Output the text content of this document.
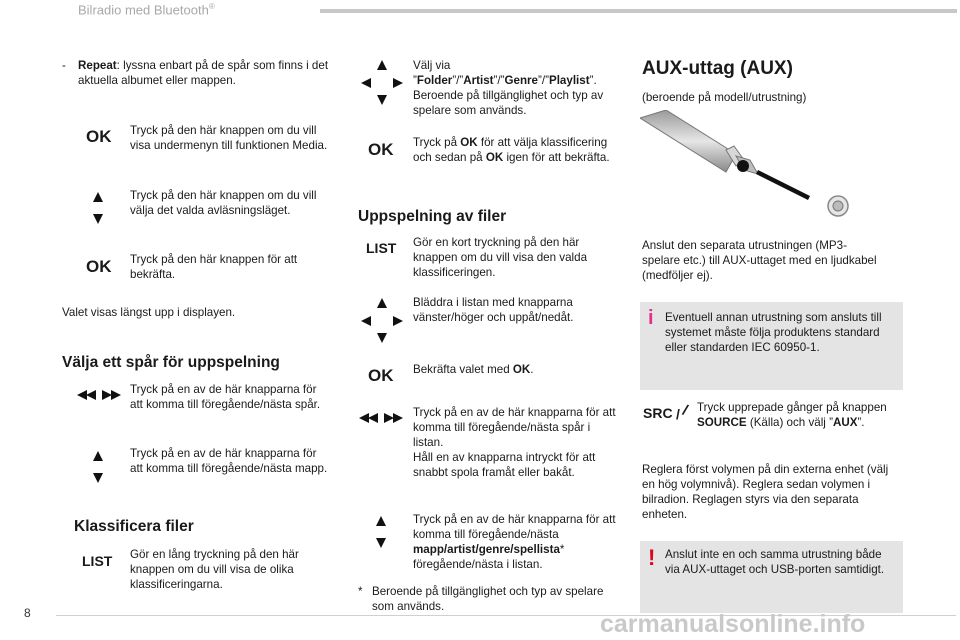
Bilradio med Bluetooth®
-	Repeat: lyssna enbart på de spår som finns i det aktuella albumet eller mappen.
OK Tryck på den här knappen om du vill visa undermenyn till funktionen Media.
Tryck på den här knappen om du vill välja det valda avläsningsläget.
OK Tryck på den här knappen för att bekräfta.
Valet visas längst upp i displayen.
Välja ett spår för uppspelning
Tryck på en av de här knapparna för att komma till föregående/nästa spår.
Tryck på en av de här knapparna för att komma till föregående/nästa mapp.
Klassificera filer
LIST Gör en lång tryckning på den här knappen om du vill visa de olika klassificeringarna.
Välj via ”Folder”/”Artist”/”Genre”/”Playlist”.
Beroende på tillgänglighet och typ av spelare som används.
OK Tryck på OK för att välja klassificering och sedan på OK igen för att bekräfta.
Uppspelning av filer
LIST Gör en kort tryckning på den här knappen om du vill visa den valda klassificeringen.
Bläddra i listan med knapparna vänster/höger och uppåt/nedåt.
OK Bekräfta valet med OK.
Tryck på en av de här knapparna för att komma till föregående/nästa spår i listan.
Håll en av knapparna intryckt för att snabbt spola framåt eller bakåt.
Tryck på en av de här knapparna för att komma till föregående/nästa mapp/artist/genre/spellista* föregående/nästa i listan.
* Beroende på tillgänglighet och typ av spelare som används.
AUX-uttag (AUX)
(beroende på modell/utrustning)
Anslut den separata utrustningen (MP3-spelare etc.) till AUX-uttaget med en ljudkabel (medföljer ej).
i Eventuell annan utrustning som ansluts till systemet måste följa produktens standard eller standarden IEC 60950-1.
SRC / / Tryck upprepade gånger på knappen SOURCE (Källa) och välj ”AUX”.
Reglera först volymen på din externa enhet (välj en hög volymnivå). Reglera sedan volymen i bilradion. Reglagen styrs via den separata enheten.
! Anslut inte en och samma utrustning både via AUX-uttaget och USB-porten samtidigt.
8	carmanualsonline.info
